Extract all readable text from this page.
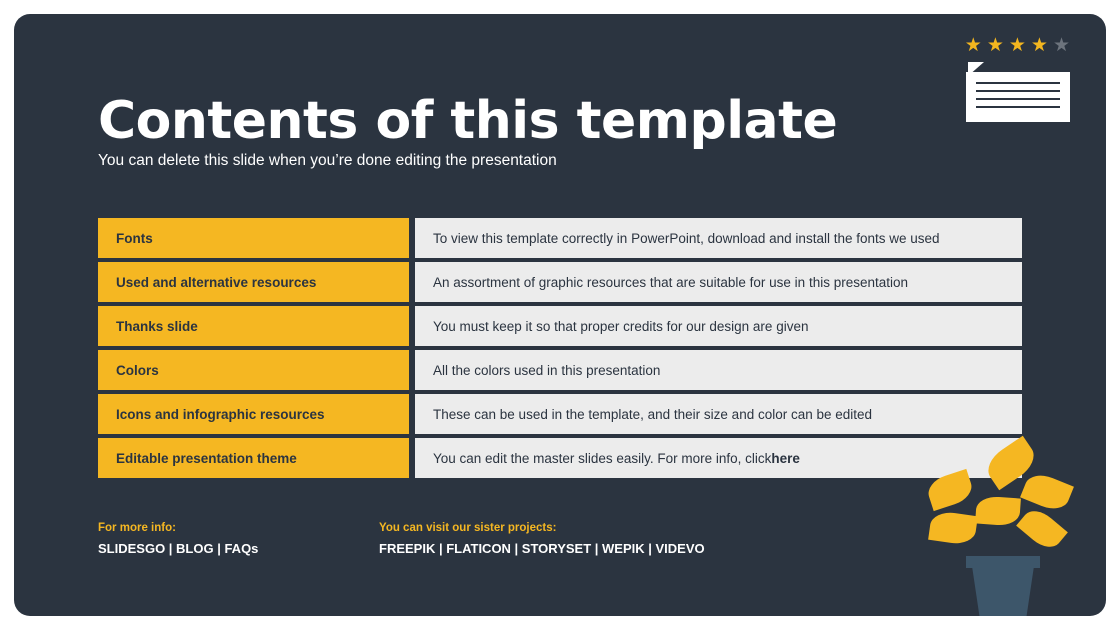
Contents of this template
You can delete this slide when you’re done editing the presentation
★ ★ ★ ★ ★
Fonts	To view this template correctly in PowerPoint, download and install the fonts we used
Used and alternative resources	An assortment of graphic resources that are suitable for use in this presentation
Thanks slide	You must keep it so that proper credits for our design are given
Colors	All the colors used in this presentation
Icons and infographic resources	These can be used in the template, and their size and color can be edited
Editable presentation theme	You can edit the master slides easily. For more info, click here
For more info:
SLIDESGO | BLOG | FAQs
You can visit our sister projects:
FREEPIK | FLATICON | STORYSET | WEPIK | VIDEVO
